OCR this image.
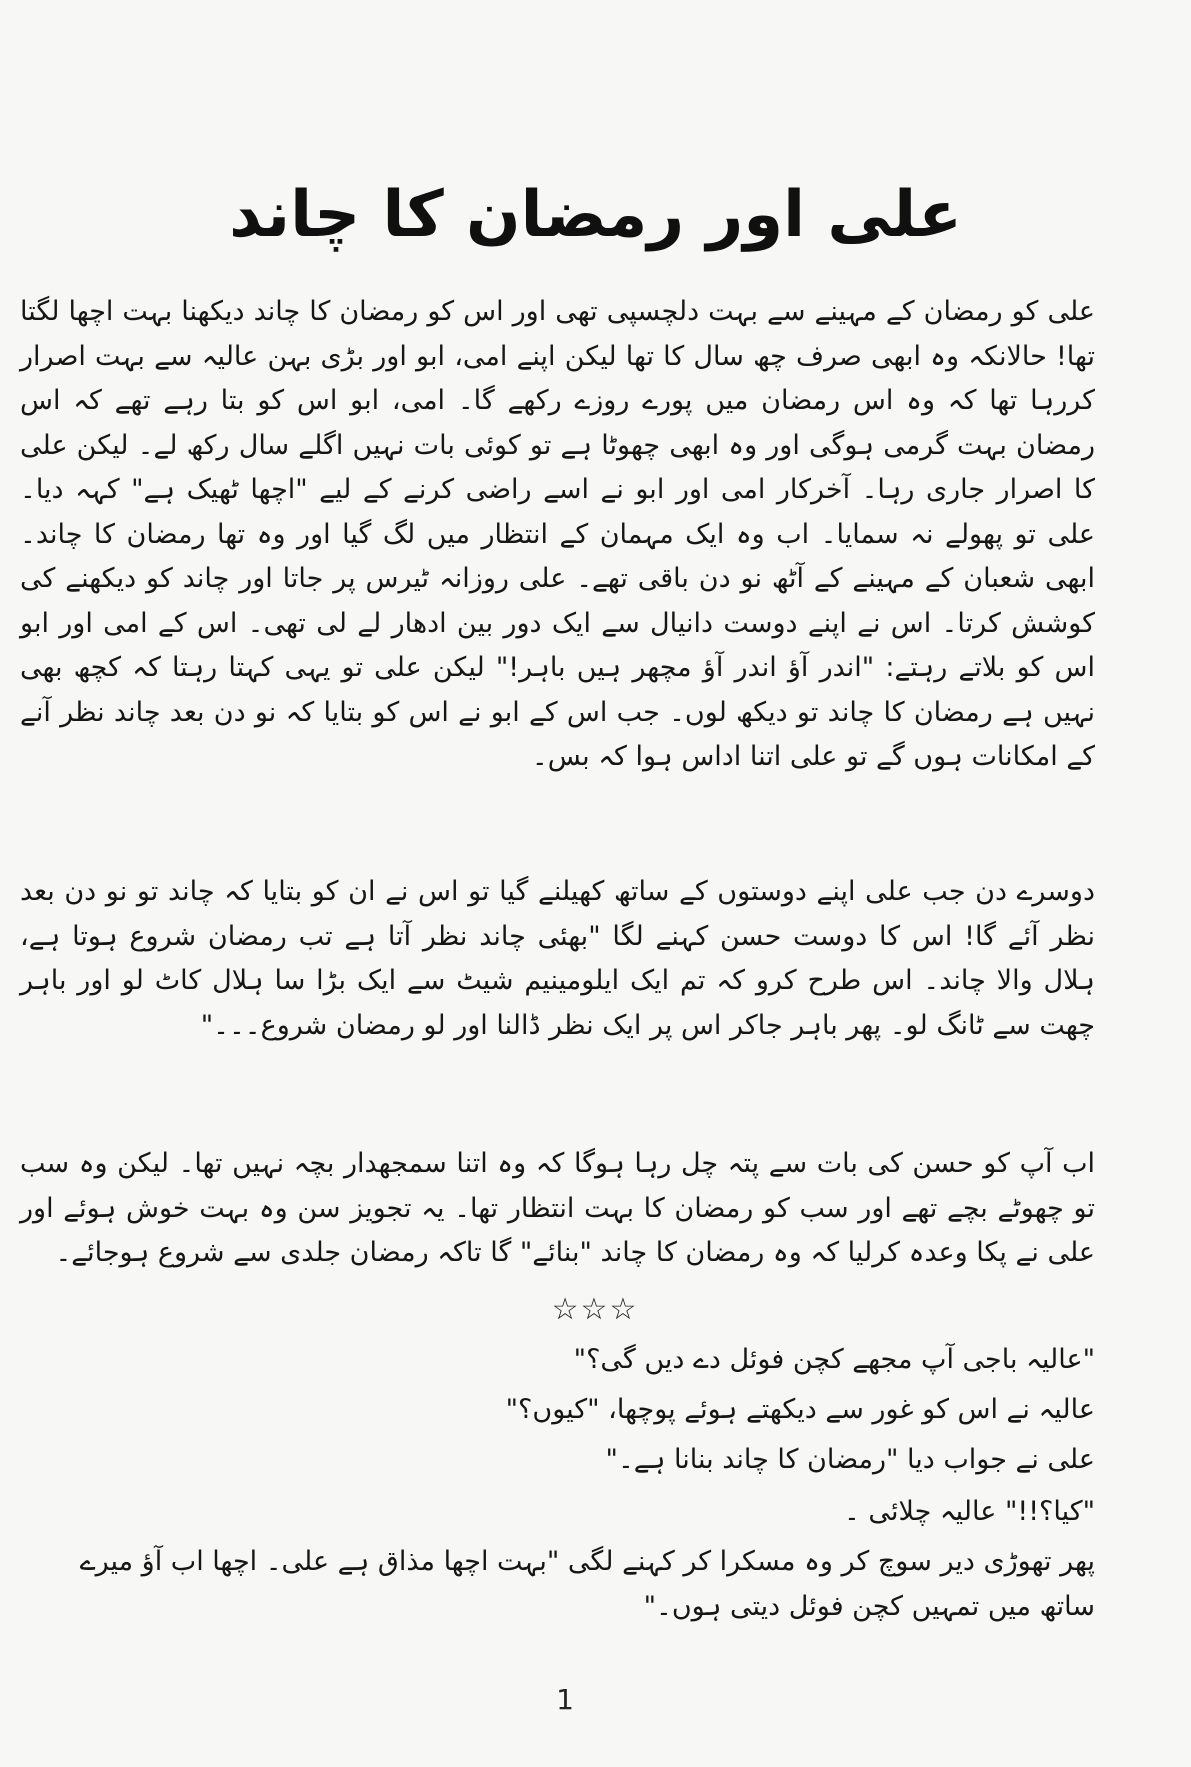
علی اور رمضان کا چاند

علی کو رمضان کے مہینے سے بہت دلچسپی تھی اور اس کو رمضان کا چاند دیکھنا بہت اچھا لگتا تھا! حالانکہ وہ ابھی صرف چھ سال کا تھا لیکن اپنے امی، ابو اور بڑی بہن عالیہ سے بہت اصرار کررہا تھا کہ وہ اس رمضان میں پورے روزے رکھے گا۔ امی، ابو اس کو بتا رہے تھے کہ اس رمضان بہت گرمی ہوگی اور وہ ابھی چھوٹا ہے تو کوئی بات نہیں اگلے سال رکھ لے۔ لیکن علی کا اصرار جاری رہا۔ آخرکار امی اور ابو نے اسے راضی کرنے کے لیے "اچھا ٹھیک ہے" کہہ دیا۔ علی تو پھولے نہ سمایا۔ اب وہ ایک مہمان کے انتظار میں لگ گیا اور وہ تھا رمضان کا چاند۔ ابھی شعبان کے مہینے کے آٹھ نو دن باقی تھے۔ علی روزانہ ٹیرس پر جاتا اور چاند کو دیکھنے کی کوشش کرتا۔ اس نے اپنے دوست دانیال سے ایک دور بین ادھار لے لی تھی۔ اس کے امی اور ابو اس کو بلاتے رہتے: "اندر آؤ اندر آؤ مچھر ہیں باہر!" لیکن علی تو یہی کہتا رہتا کہ کچھ بھی نہیں ہے رمضان کا چاند تو دیکھ لوں۔ جب اس کے ابو نے اس کو بتایا کہ نو دن بعد چاند نظر آنے کے امکانات ہوں گے تو علی اتنا اداس ہوا کہ بس۔

دوسرے دن جب علی اپنے دوستوں کے ساتھ کھیلنے گیا تو اس نے ان کو بتایا کہ چاند تو نو دن بعد نظر آئے گا! اس کا دوست حسن کہنے لگا "بھئی چاند نظر آتا ہے تب رمضان شروع ہوتا ہے، ہلال والا چاند۔ اس طرح کرو کہ تم ایک ایلومینیم شیٹ سے ایک بڑا سا ہلال کاٹ لو اور باہر چھت سے ٹانگ لو۔ پھر باہر جاکر اس پر ایک نظر ڈالنا اور لو رمضان شروع۔۔۔"

اب آپ کو حسن کی بات سے پتہ چل رہا ہوگا کہ وہ اتنا سمجھدار بچہ نہیں تھا۔ لیکن وہ سب تو چھوٹے بچے تھے اور سب کو رمضان کا بہت انتظار تھا۔ یہ تجویز سن وہ بہت خوش ہوئے اور علی نے پکا وعدہ کرلیا کہ وہ رمضان کا چاند "بنائے" گا تاکہ رمضان جلدی سے شروع ہوجائے۔

☆☆☆

"عالیہ باجی آپ مجھے کچن فوئل دے دیں گی؟"

عالیہ نے اس کو غور سے دیکھتے ہوئے پوچھا، "کیوں؟"

علی نے جواب دیا "رمضان کا چاند بنانا ہے۔"

"کیا؟!!" عالیہ چلائی ۔

پھر تھوڑی دیر سوچ کر وہ مسکرا کر کہنے لگی "بہت اچھا مذاق ہے علی۔ اچھا اب آؤ میرے ساتھ میں تمہیں کچن فوئل دیتی ہوں۔"

1
